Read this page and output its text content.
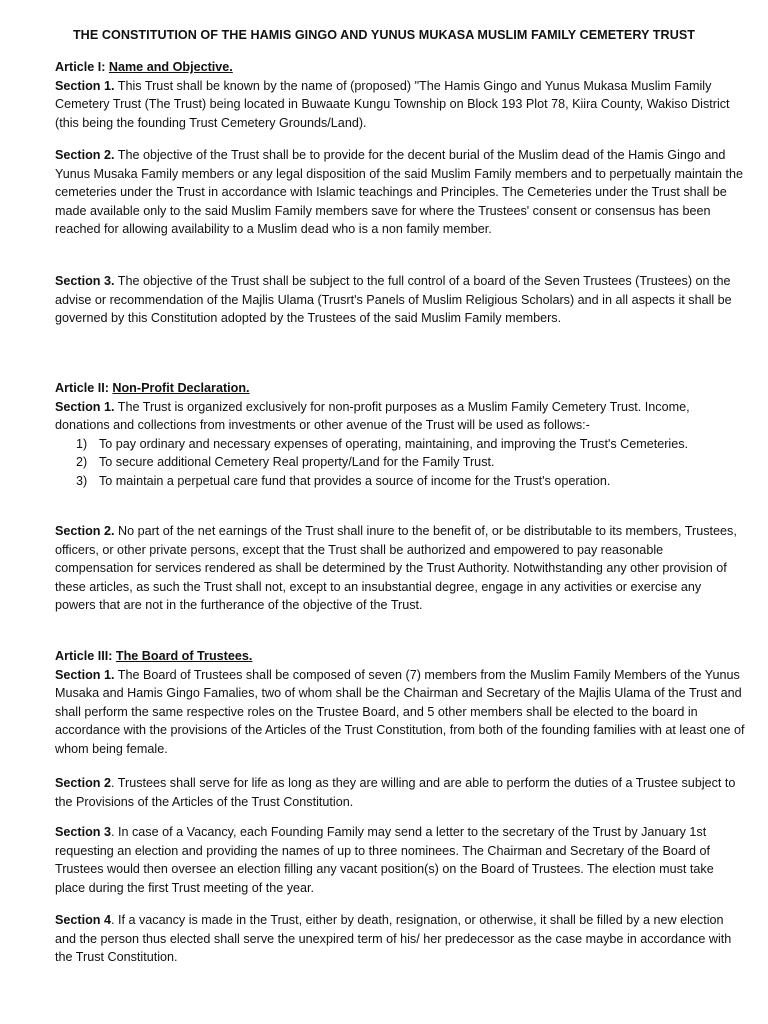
THE CONSTITUTION OF THE HAMIS GINGO AND YUNUS MUKASA MUSLIM FAMILY CEMETERY TRUST

Article I: Name and Objective.

Section 1. This Trust shall be known by the name of (proposed) "The Hamis Gingo and Yunus Mukasa Muslim Family Cemetery Trust (The Trust) being located in Buwaate Kungu Township on Block 193 Plot 78, Kiira County, Wakiso District (this being the founding Trust Cemetery Grounds/Land).

Section 2. The objective of the Trust shall be to provide for the decent burial of the Muslim dead of the Hamis Gingo and Yunus Musaka Family members or any legal disposition of the said Muslim Family members and to perpetually maintain the cemeteries under the Trust in accordance with Islamic teachings and Principles. The Cemeteries under the Trust shall be made available only to the said Muslim Family members save for where the Trustees' consent or consensus has been reached for allowing availability to a Muslim dead who is a non family member.

Section 3. The objective of the Trust shall be subject to the full control of a board of the Seven Trustees (Trustees) on the advise or recommendation of the Majlis Ulama (Trusrt's Panels of Muslim Religious Scholars) and in all aspects it shall be governed by this Constitution adopted by the Trustees of the said Muslim Family members.

Article II: Non-Profit Declaration.

Section 1. The Trust is organized exclusively for non-profit purposes as a Muslim Family Cemetery Trust. Income, donations and collections from investments or other avenue of the Trust will be used as follows:-

1) To pay ordinary and necessary expenses of operating, maintaining, and improving the Trust's Cemeteries.
2) To secure additional Cemetery Real property/Land for the Family Trust.
3) To maintain a perpetual care fund that provides a source of income for the Trust's operation.

Section 2. No part of the net earnings of the Trust shall inure to the benefit of, or be distributable to its members, Trustees, officers, or other private persons, except that the Trust shall be authorized and empowered to pay reasonable compensation for services rendered as shall be determined by the Trust Authority. Notwithstanding any other provision of these articles, as such the Trust shall not, except to an insubstantial degree, engage in any activities or exercise any powers that are not in the furtherance of the objective of the Trust.

Article III: The Board of Trustees.

Section 1. The Board of Trustees shall be composed of seven (7) members from the Muslim Family Members of the Yunus Musaka and Hamis Gingo Famalies, two of whom shall be the Chairman and Secretary of the Majlis Ulama of the Trust and shall perform the same respective roles on the Trustee Board, and 5 other members shall be elected to the board in accordance with the provisions of the Articles of the Trust Constitution, from both of the founding families with at least one of whom being female.

Section 2. Trustees shall serve for life as long as they are willing and are able to perform the duties of a Trustee subject to the Provisions of the Articles of the Trust Constitution.

Section 3. In case of a Vacancy, each Founding Family may send a letter to the secretary of the Trust by January 1st requesting an election and providing the names of up to three nominees. The Chairman and Secretary of the Board of Trustees would then oversee an election filling any vacant position(s) on the Board of Trustees. The election must take place during the first Trust meeting of the year.

Section 4. If a vacancy is made in the Trust, either by death, resignation, or otherwise, it shall be filled by a new election and the person thus elected shall serve the unexpired term of his/ her predecessor as the case maybe in accordance with the Trust Constitution.
